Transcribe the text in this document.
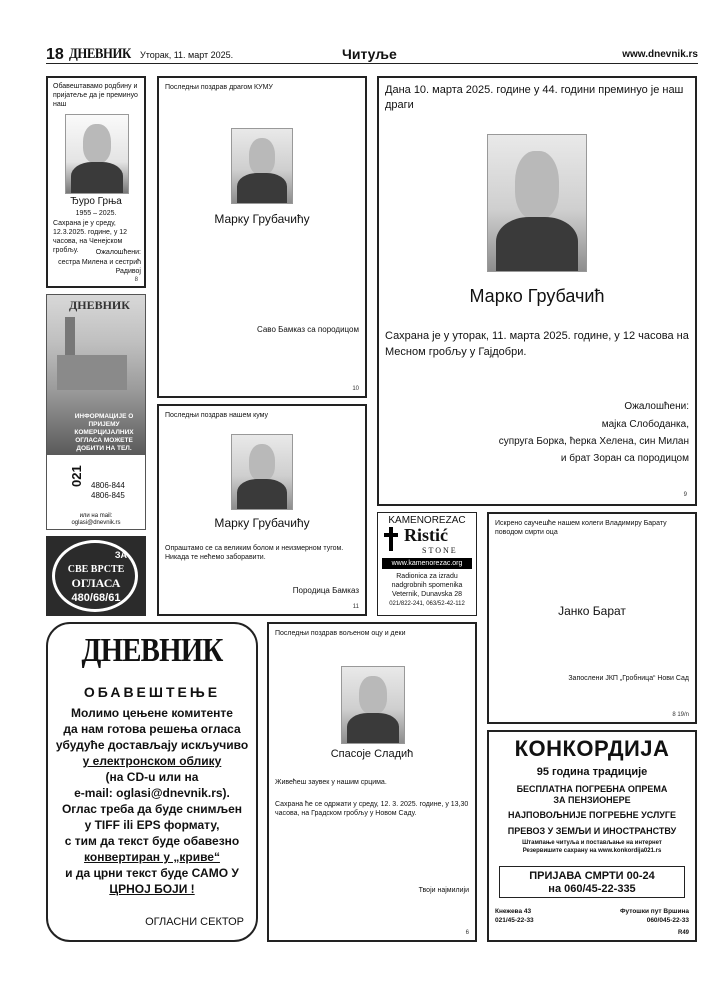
18 ДНЕВНИК Уторак, 11. март 2025.	Читуље	www.dnevnik.rs
Обавештавамо родбину и пријатеље да је преминуо наш
Ђуро Грња
1955 – 2025.
Сахрана је у среду, 12.3.2025. године, у 12 часова, на Ченејском гробљу.	Ожалошћени:
сестра Милена и сестрић Радивој
8
ДНЕВНИК
ИНФОРМАЦИЈЕ О ПРИЈЕМУ КОМЕРЦИЈАЛНИХ ОГЛАСА МОЖЕТЕ ДОБИТИ НА ТЕЛ.
021 4806-844
4806-845
или на mail:
oglasi@dnevnik.rs
ЗА
СВЕ ВРСТЕ
ОГЛАСА
480/68/61
Последњи поздрав драгом КУМУ
Марку Грубачићу
Саво Бамказ са породицом
10
Последњи поздрав нашем куму
Марку Грубачићу
Опраштамо се са великим болом и неизмерном тугом. Никада те нећемо заборавити.
Породица Бамказ
11
Дана 10. марта 2025. године у 44. години преминуо је наш драги
Марко Грубачић
Сахрана је у уторак, 11. марта 2025. године, у 12 часова на Месном гробљу у Гајдобри.
Ожалошћени:
мајка Слободанка,
супруга Борка, ћерка Хелена, син Милан
и брат Зоран са породицом
9
KAMENOREZAC
Ristić
STONE
www.kamenorezac.org
Radionica za izradu
nadgrobnih spomenika
Veternik, Dunavska 28
021/822-241, 063/52-42-112
Искрено саучешће нашем колеги Владимиру Барату поводом смрти оца
Јанко Барат
Запослени ЈКП „Гробница“ Нови Сад
8 19/n
ДНЕВНИК
ОБАВЕШТЕЊЕ
Молимо цењене комитенте
да нам готова решења огласа
убудуће достављају искључиво
у електронском облику
(на CD-u или на
e-mail: oglasi@dnevnik.rs).
Оглас треба да буде снимљен
у TIFF ili EPS формату,
с тим да текст буде обавезно
конвертиран у „криве“
и да црни текст буде САМО У
ЦРНОЈ БОЈИ !
ОГЛАСНИ СЕКТОР
Последњи поздрав вољеном оцу и деки
Спасоје Сладић
Живећеш заувек у нашим срцима.
Сахрана ће се одржати у среду, 12. 3. 2025. године, у 13,30 часова, на Градском гробљу у Новом Саду.
Твоји најмилији
6
КОНКОРДИЈА
95 година традиције
БЕСПЛАТНА ПОГРЕБНА ОПРЕМА
ЗА ПЕНЗИОНЕРЕ
НАЈПОВОЉНИЈЕ ПОГРЕБНЕ УСЛУГЕ
ПРЕВОЗ У ЗЕМЉИ И ИНОСТРАНСТВУ
Штампање читуља и постављање на интернет
Резервишите сахрану на www.konkordija021.rs
ПРИЈАВА СМРТИ 00-24
на 060/45-22-335
Кнежева 43
021/45-22-33
Футошки пут Вршина
060/045-22-33
R49
